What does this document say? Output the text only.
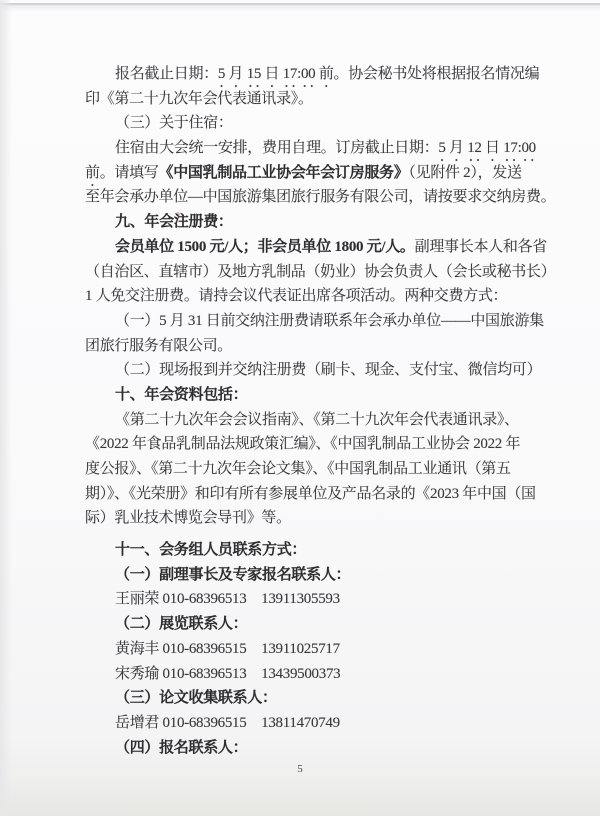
报名截止日期：5 月 15 日 17:00 前。协会秘书处将根据报名情况编
印《第二十九次年会代表通讯录》。
（三）关于住宿：
住宿由大会统一安排，费用自理。订房截止日期：5 月 12 日 17:00
前。请填写《中国乳制品工业协会年会订房服务》（见附件 2），发送
至年会承办单位—中国旅游集团旅行服务有限公司，请按要求交纳房费。
九、年会注册费：
会员单位 1500 元/人；非会员单位 1800 元/人。副理事长本人和各省
（自治区、直辖市）及地方乳制品（奶业）协会负责人（会长或秘书长）
1 人免交注册费。请持会议代表证出席各项活动。两种交费方式：
（一）5 月 31 日前交纳注册费请联系年会承办单位——中国旅游集
团旅行服务有限公司。
（二）现场报到并交纳注册费（刷卡、现金、支付宝、微信均可）
十、年会资料包括：
《第二十九次年会会议指南》、《第二十九次年会代表通讯录》、
《2022 年食品乳制品法规政策汇编》、《中国乳制品工业协会 2022 年
度公报》、《第二十九次年会论文集》、《中国乳制品工业通讯（第五
期）》、《光荣册》和印有所有参展单位及产品名录的《2023 年中国（国
际）乳业技术博览会导刊》等。
十一、会务组人员联系方式：
（一）副理事长及专家报名联系人：
王丽荣 010-68396513　13911305593
（二）展览联系人：
黄海丰 010-68396515　13911025717
宋秀瑜 010-68396513　13439500373
（三）论文收集联系人：
岳增君 010-68396515　13811470749
（四）报名联系人：
5
